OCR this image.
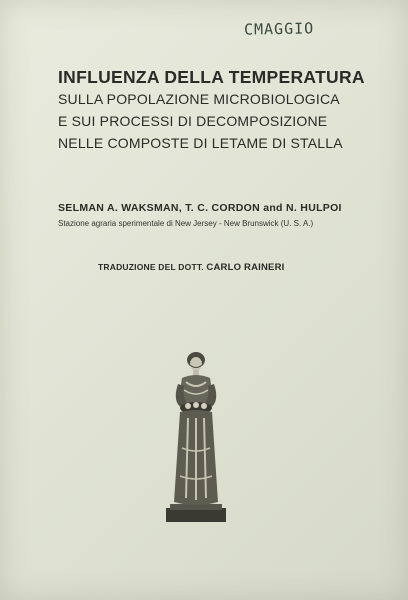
CMAGGIO
INFLUENZA DELLA TEMPERATURA
SULLA POPOLAZIONE MICROBIOLOGICA
E SUI PROCESSI DI DECOMPOSIZIONE
NELLE COMPOSTE DI LETAME DI STALLA
SELMAN A. WAKSMAN, T. C. CORDON and N. HULPOI
Stazione agraria sperimentale di New Jersey - New Brunswick (U. S. A.)
TRADUZIONE DEL DOTT. CARLO RAINERI
